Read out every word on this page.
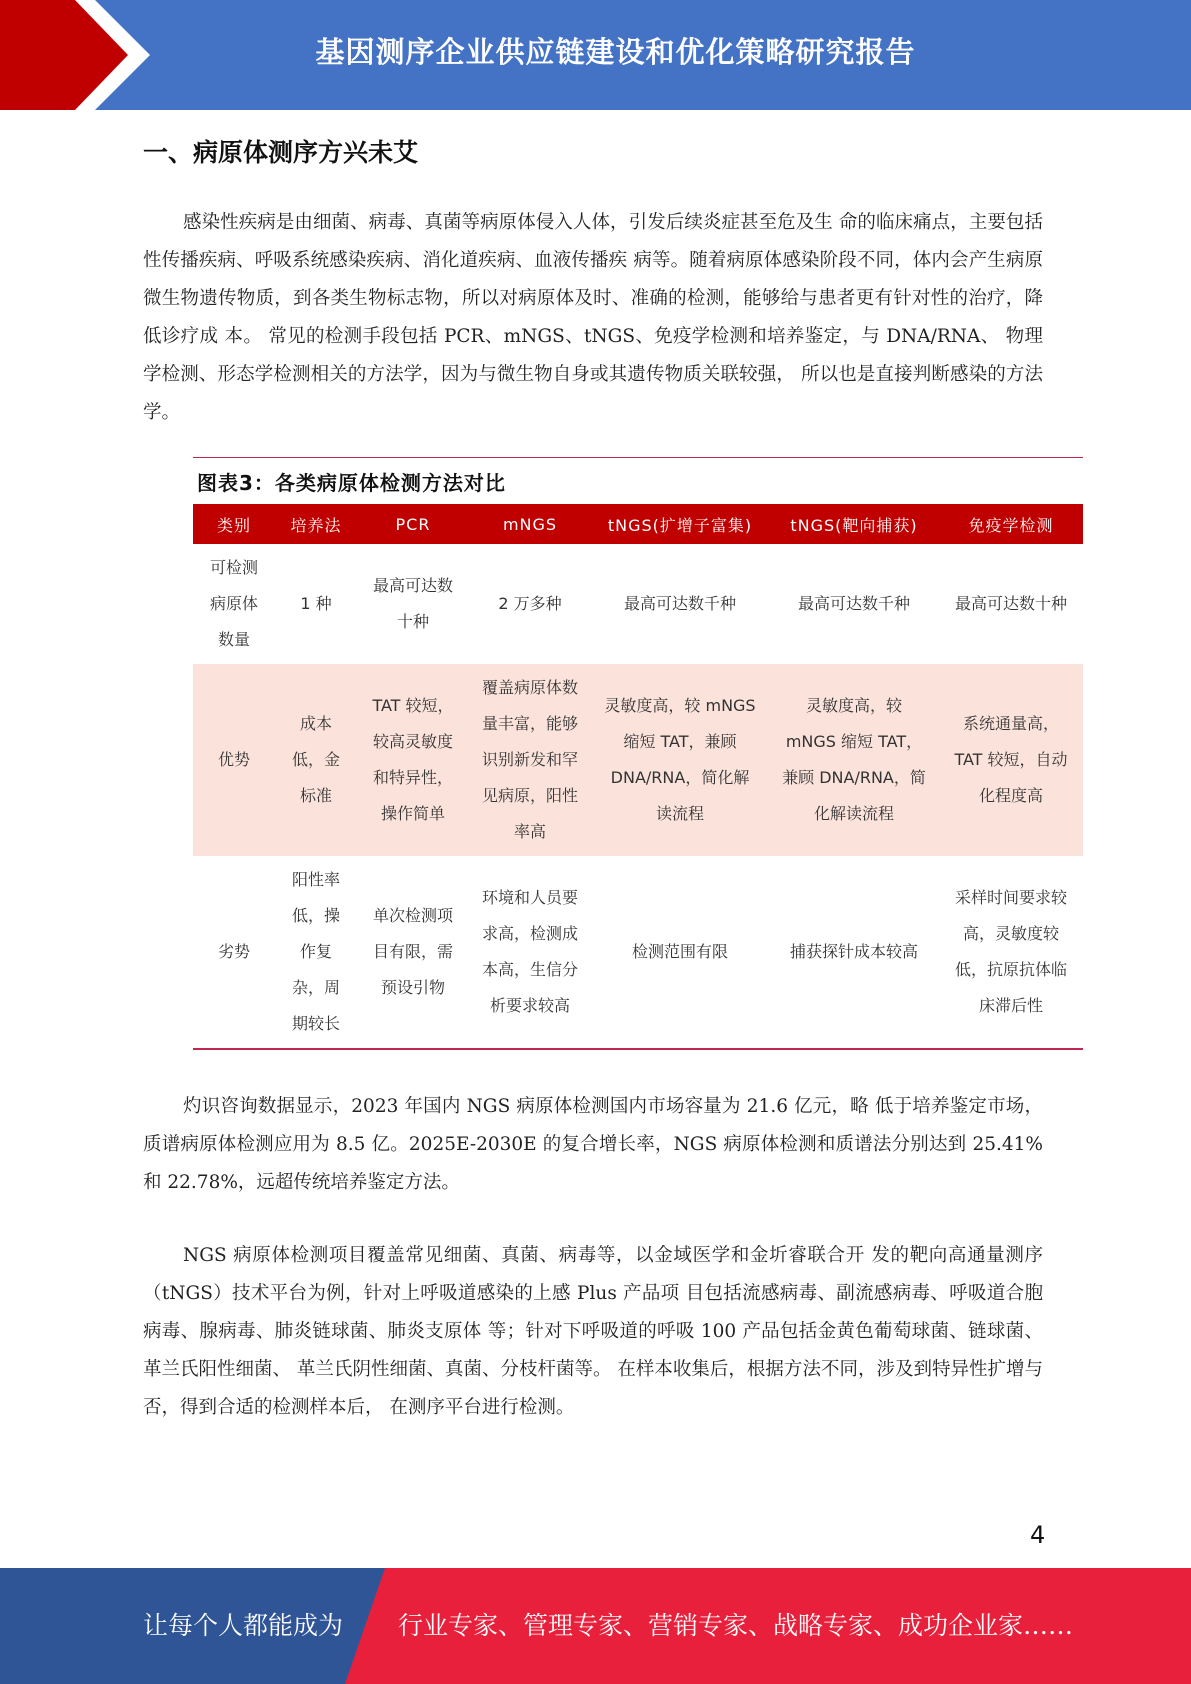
基因测序企业供应链建设和优化策略研究报告
一、病原体测序方兴未艾

感染性疾病是由细菌、病毒、真菌等病原体侵入人体，引发后续炎症甚至危及生 命的临床痛点，主要包括性传播疾病、呼吸系统感染疾病、消化道疾病、血液传播疾 病等。随着病原体感染阶段不同，体内会产生病原微生物遗传物质，到各类生物标志物，所以对病原体及时、准确的检测，能够给与患者更有针对性的治疗，降低诊疗成 本。 常见的检测手段包括 PCR、mNGS、tNGS、免疫学检测和培养鉴定，与 DNA/RNA、 物理学检测、形态学检测相关的方法学，因为与微生物自身或其遗传物质关联较强， 所以也是直接判断感染的方法学。

图表3：各类病原体检测方法对比
类别	培养法	PCR	mNGS	tNGS(扩增子富集)	tNGS(靶向捕获)	免疫学检测
可检测病原体数量	1 种	最高可达数十种	2 万多种	最高可达数千种	最高可达数千种	最高可达数十种
优势	成本低，金标准	TAT 较短，较高灵敏度和特异性，操作简单	覆盖病原体数量丰富，能够识别新发和罕见病原，阳性率高	灵敏度高，较 mNGS 缩短 TAT，兼顾 DNA/RNA，简化解读流程	灵敏度高，较 mNGS 缩短 TAT，兼顾 DNA/RNA，简化解读流程	系统通量高，TAT 较短，自动化程度高
劣势	阳性率低，操作复杂，周期较长	单次检测项目有限，需预设引物	环境和人员要求高，检测成本高，生信分析要求较高	检测范围有限	捕获探针成本较高	采样时间要求较高，灵敏度较低，抗原抗体临床滞后性

灼识咨询数据显示，2023 年国内 NGS 病原体检测国内市场容量为 21.6 亿元，略 低于培养鉴定市场，质谱病原体检测应用为 8.5 亿。2025E-2030E 的复合增长率，NGS 病原体检测和质谱法分别达到 25.41%和 22.78%，远超传统培养鉴定方法。

NGS 病原体检测项目覆盖常见细菌、真菌、病毒等，以金域医学和金圻睿联合开 发的靶向高通量测序（tNGS）技术平台为例，针对上呼吸道感染的上感 Plus 产品项 目包括流感病毒、副流感病毒、呼吸道合胞病毒、腺病毒、肺炎链球菌、肺炎支原体 等；针对下呼吸道的呼吸 100 产品包括金黄色葡萄球菌、链球菌、革兰氏阳性细菌、 革兰氏阴性细菌、真菌、分枝杆菌等。 在样本收集后，根据方法不同，涉及到特异性扩增与否，得到合适的检测样本后， 在测序平台进行检测。

4
让每个人都能成为 行业专家、管理专家、营销专家、战略专家、成功企业家……
